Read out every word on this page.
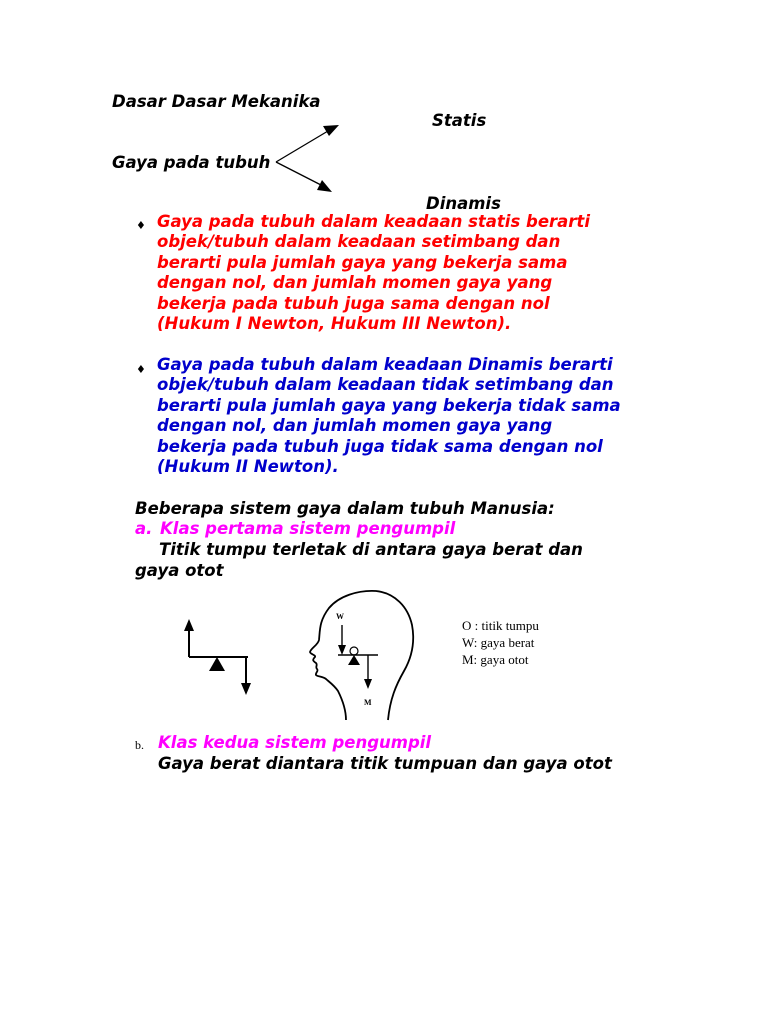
Dasar Dasar Mekanika
Statis
Gaya pada tubuh
Dinamis
♦ Gaya pada tubuh dalam keadaan statis berarti
objek/tubuh dalam keadaan setimbang dan
berarti pula jumlah gaya yang bekerja sama
dengan nol, dan jumlah momen gaya yang
bekerja pada tubuh juga sama dengan nol
(Hukum I Newton, Hukum III Newton).
♦ Gaya pada tubuh dalam keadaan Dinamis berarti
objek/tubuh dalam keadaan tidak setimbang dan
berarti pula jumlah gaya yang bekerja tidak sama
dengan nol, dan jumlah momen gaya yang
bekerja pada tubuh juga tidak sama dengan nol
(Hukum II Newton).
Beberapa sistem gaya dalam tubuh Manusia:
a. Klas pertama sistem pengumpil
Titik tumpu terletak di antara gaya berat dan
gaya otot
W
M
O : titik tumpu
W: gaya berat
M: gaya otot
b. Klas kedua sistem pengumpil
Gaya berat diantara titik tumpuan dan gaya otot
